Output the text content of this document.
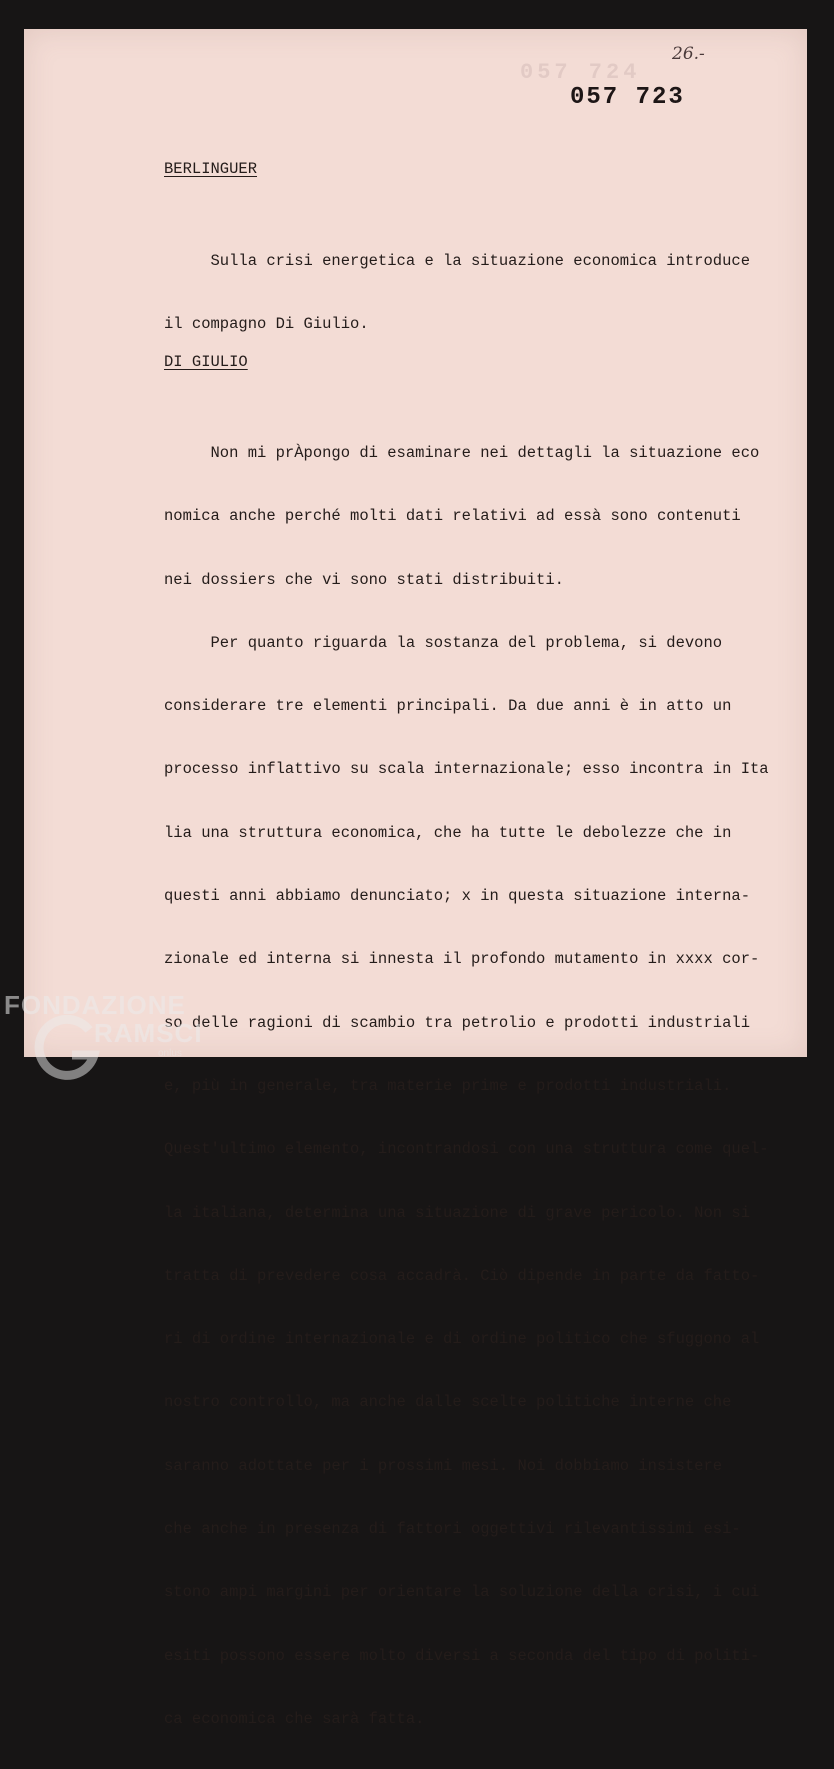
057 724
26.-
057 723
BERLINGUER

Sulla crisi energetica e la situazione economica introduce

il compagno Di Giulio.

DI GIULIO

Non mi prÀpongo di esaminare nei dettagli la situazione eco

nomica anche perché molti dati relativi ad essà sono contenuti

nei dossiers che vi sono stati distribuiti.

Per quanto riguarda la sostanza del problema, si devono

considerare tre elementi principali. Da due anni è in atto un

processo inflattivo su scala internazionale; esso incontra in Ita

lia una struttura economica, che ha tutte le debolezze che in

questi anni abbiamo denunciato; x in questa situazione interna-

zionale ed interna si innesta il profondo mutamento in xxxx cor-

so delle ragioni di scambio tra petrolio e prodotti industriali

e, più in generale, tra materie prime e prodotti industriali.

Quest'ultimo elemento, incontrandosi con una struttura come quel-

la italiana, determina una situazione di grave pericolo. Non si

tratta di prevedere cosa accadrà. Ciò dipende in parte da fatto-

ri di ordine internazionale e di ordine politico che sfuggono al

nostro controllo, ma anche dalle scelte politiche interne che

saranno adottate per i prossimi mesi. Noi dobbiamo insistere

che anche in presenza di fattori oggettivi rilevantissimi esi-

stono ampi margini per orientare la soluzione della crisi, i cui

esiti possono essere molto diversi a seconda del tipo di politi-

ca economica che sarà fatta.

FONDAZIONE
RAMSCI
onlus
